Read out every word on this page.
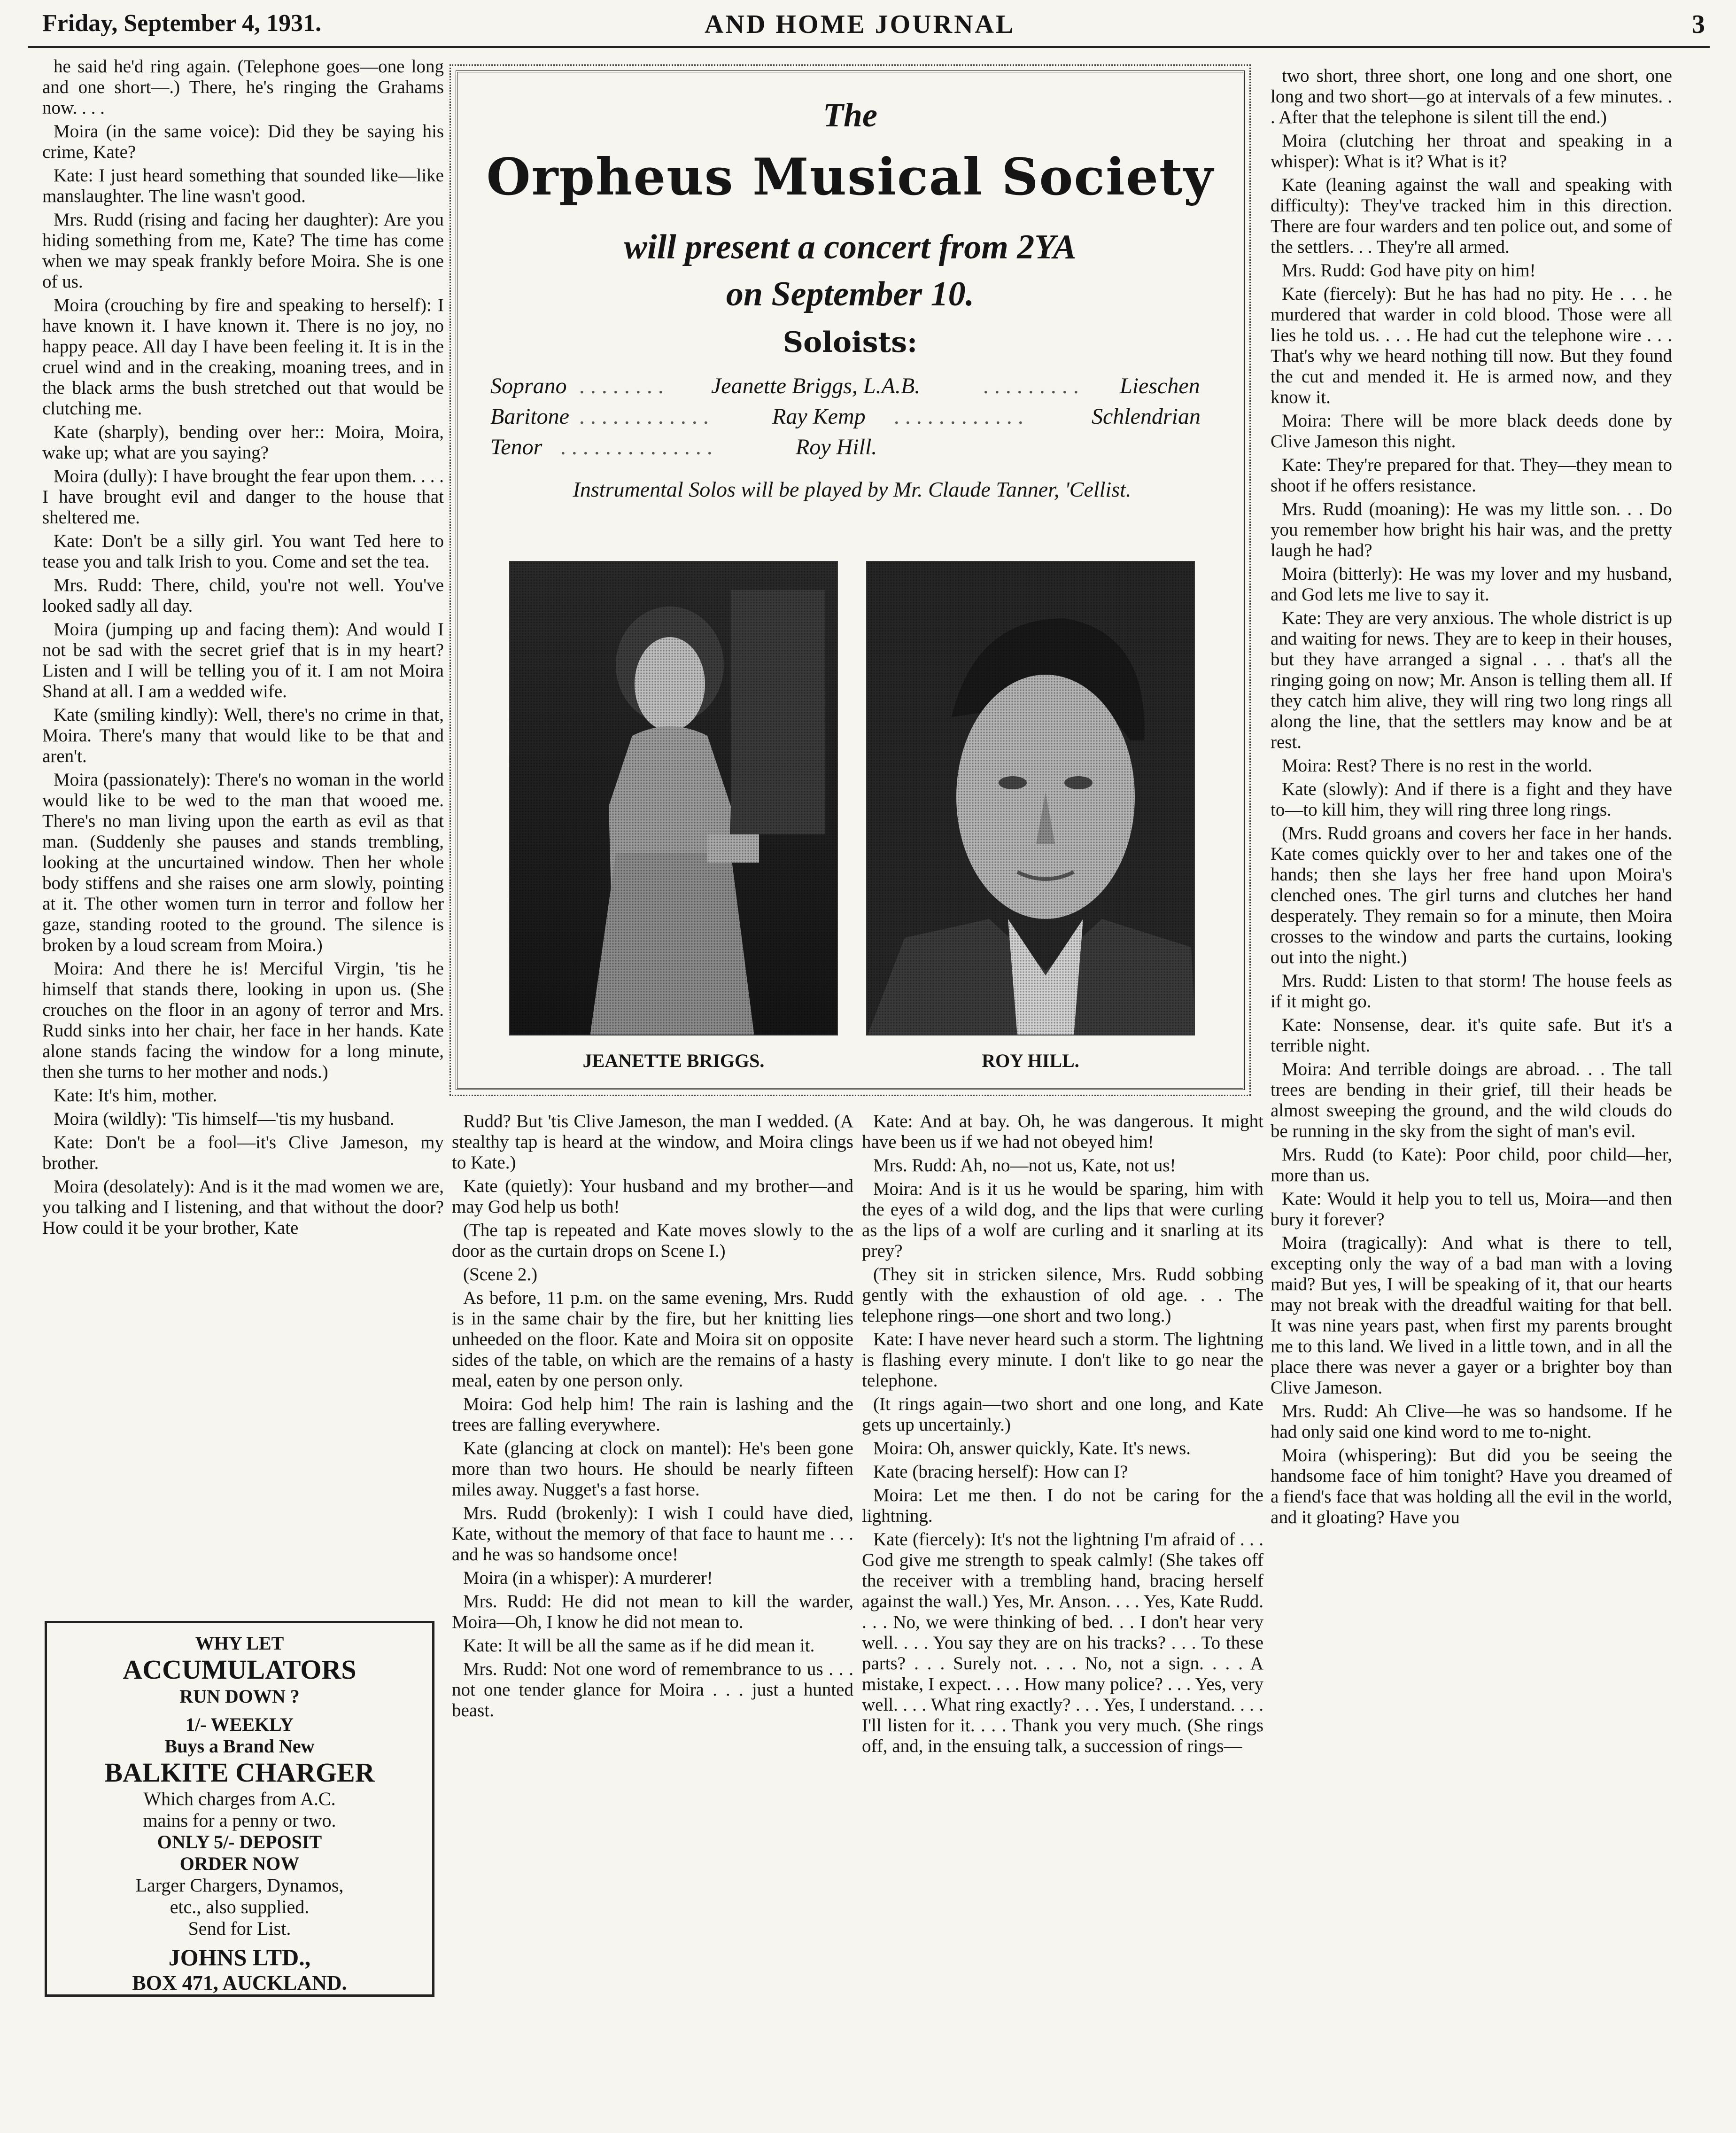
Friday, September 4, 1931.	AND HOME JOURNAL	3

he said he'd ring again. (Telephone goes—one long and one short—.) There, he's ringing the Grahams now. . . .

Moira (in the same voice): Did they be saying his crime, Kate?

Kate: I just heard something that sounded like—like manslaughter. The line wasn't good.

Mrs. Rudd (rising and facing her daughter): Are you hiding something from me, Kate? The time has come when we may speak frankly before Moira. She is one of us.

Moira (crouching by fire and speaking to herself): I have known it. I have known it. There is no joy, no happy peace. All day I have been feeling it. It is in the cruel wind and in the creaking, moaning trees, and in the black arms the bush stretched out that would be clutching me.

Kate (sharply), bending over her:: Moira, Moira, wake up; what are you saying?

Moira (dully): I have brought the fear upon them. . . . I have brought evil and danger to the house that sheltered me.

Kate: Don't be a silly girl. You want Ted here to tease you and talk Irish to you. Come and set the tea.

Mrs. Rudd: There, child, you're not well. You've looked sadly all day.

Moira (jumping up and facing them): And would I not be sad with the secret grief that is in my heart? Listen and I will be telling you of it. I am not Moira Shand at all. I am a wedded wife.

Kate (smiling kindly): Well, there's no crime in that, Moira. There's many that would like to be that and aren't.

Moira (passionately): There's no woman in the world would like to be wed to the man that wooed me. There's no man living upon the earth as evil as that man. (Suddenly she pauses and stands trembling, looking at the uncurtained window. Then her whole body stiffens and she raises one arm slowly, pointing at it. The other women turn in terror and follow her gaze, standing rooted to the ground. The silence is broken by a loud scream from Moira.)

Moira: And there he is! Merciful Virgin, 'tis he himself that stands there, looking in upon us. (She crouches on the floor in an agony of terror and Mrs. Rudd sinks into her chair, her face in her hands. Kate alone stands facing the window for a long minute, then she turns to her mother and nods.)

Kate: It's him, mother.

Moira (wildly): 'Tis himself—'tis my husband.

Kate: Don't be a fool—it's Clive Jameson, my brother.

Moira (desolately): And is it the mad women we are, you talking and I listening, and that without the door? How could it be your brother, Kate

The
Orpheus Musical Society
will present a concert from 2YA
on September 10.
Soloists:
Soprano . . . . . . . . Jeanette Briggs, L.A.B.	. . . . . . . . . Lieschen
Baritone . . . . . . . . . . . .	Ray Kemp . . . . . . . . . . . .	Schlendrian
Tenor . . . . . . . . . . . . . .	Roy Hill.
Instrumental Solos will be played by Mr. Claude Tanner, 'Cellist.
JEANETTE BRIGGS.	ROY HILL.

Rudd? But 'tis Clive Jameson, the man I wedded. (A stealthy tap is heard at the window, and Moira clings to Kate.)

Kate (quietly): Your husband and my brother—and may God help us both!

(The tap is repeated and Kate moves slowly to the door as the curtain drops on Scene I.)

(Scene 2.)

As before, 11 p.m. on the same evening, Mrs. Rudd is in the same chair by the fire, but her knitting lies unheeded on the floor. Kate and Moira sit on opposite sides of the table, on which are the remains of a hasty meal, eaten by one person only.

Moira: God help him! The rain is lashing and the trees are falling everywhere.

Kate (glancing at clock on mantel): He's been gone more than two hours. He should be nearly fifteen miles away. Nugget's a fast horse.

Mrs. Rudd (brokenly): I wish I could have died, Kate, without the memory of that face to haunt me . . . and he was so handsome once!

Moira (in a whisper): A murderer!

Mrs. Rudd: He did not mean to kill the warder, Moira—Oh, I know he did not mean to.

Kate: It will be all the same as if he did mean it.

Mrs. Rudd: Not one word of remembrance to us . . . not one tender glance for Moira . . . just a hunted beast.

Kate: And at bay. Oh, he was dangerous. It might have been us if we had not obeyed him!

Mrs. Rudd: Ah, no—not us, Kate, not us!

Moira: And is it us he would be sparing, him with the eyes of a wild dog, and the lips that were curling as the lips of a wolf are curling and it snarling at its prey?

(They sit in stricken silence, Mrs. Rudd sobbing gently with the exhaustion of old age. . . The telephone rings—one short and two long.)

Kate: I have never heard such a storm. The lightning is flashing every minute. I don't like to go near the telephone.

(It rings again—two short and one long, and Kate gets up uncertainly.)

Moira: Oh, answer quickly, Kate. It's news.

Kate (bracing herself): How can I?

Moira: Let me then. I do not be caring for the lightning.

Kate (fiercely): It's not the lightning I'm afraid of . . . God give me strength to speak calmly! (She takes off the receiver with a trembling hand, bracing herself against the wall.) Yes, Mr. Anson. . . . Yes, Kate Rudd. . . . No, we were thinking of bed. . . I don't hear very well. . . . You say they are on his tracks? . . . To these parts? . . . Surely not. . . . No, not a sign. . . . A mistake, I expect. . . . How many police? . . . Yes, very well. . . . What ring exactly? . . . Yes, I understand. . . . I'll listen for it. . . . Thank you very much. (She rings off, and, in the ensuing talk, a succession of rings—

two short, three short, one long and one short, one long and two short—go at intervals of a few minutes. . . After that the telephone is silent till the end.)

Moira (clutching her throat and speaking in a whisper): What is it? What is it?

Kate (leaning against the wall and speaking with difficulty): They've tracked him in this direction. There are four warders and ten police out, and some of the settlers. . . They're all armed.

Mrs. Rudd: God have pity on him!

Kate (fiercely): But he has had no pity. He . . . he murdered that warder in cold blood. Those were all lies he told us. . . . He had cut the telephone wire . . . That's why we heard nothing till now. But they found the cut and mended it. He is armed now, and they know it.

Moira: There will be more black deeds done by Clive Jameson this night.

Kate: They're prepared for that. They—they mean to shoot if he offers resistance.

Mrs. Rudd (moaning): He was my little son. . . Do you remember how bright his hair was, and the pretty laugh he had?

Moira (bitterly): He was my lover and my husband, and God lets me live to say it.

Kate: They are very anxious. The whole district is up and waiting for news. They are to keep in their houses, but they have arranged a signal . . . that's all the ringing going on now; Mr. Anson is telling them all. If they catch him alive, they will ring two long rings all along the line, that the settlers may know and be at rest.

Moira: Rest? There is no rest in the world.

Kate (slowly): And if there is a fight and they have to—to kill him, they will ring three long rings.

(Mrs. Rudd groans and covers her face in her hands. Kate comes quickly over to her and takes one of the hands; then she lays her free hand upon Moira's clenched ones. The girl turns and clutches her hand desperately. They remain so for a minute, then Moira crosses to the window and parts the curtains, looking out into the night.)

Mrs. Rudd: Listen to that storm! The house feels as if it might go.

Kate: Nonsense, dear. it's quite safe. But it's a terrible night.

Moira: And terrible doings are abroad. . . The tall trees are bending in their grief, till their heads be almost sweeping the ground, and the wild clouds do be running in the sky from the sight of man's evil.

Mrs. Rudd (to Kate): Poor child, poor child—her, more than us.

Kate: Would it help you to tell us, Moira—and then bury it forever?

Moira (tragically): And what is there to tell, excepting only the way of a bad man with a loving maid? But yes, I will be speaking of it, that our hearts may not break with the dreadful waiting for that bell. It was nine years past, when first my parents brought me to this land. We lived in a little town, and in all the place there was never a gayer or a brighter boy than Clive Jameson.

Mrs. Rudd: Ah Clive—he was so handsome. If he had only said one kind word to me to-night.

Moira (whispering): But did you be seeing the handsome face of him tonight? Have you dreamed of a fiend's face that was holding all the evil in the world, and it gloating? Have you

WHY LET
ACCUMULATORS
RUN DOWN ?
1/- WEEKLY
Buys a Brand New
BALKITE CHARGER
Which charges from A.C.
mains for a penny or two.
ONLY 5/- DEPOSIT
ORDER NOW
Larger Chargers, Dynamos,
etc., also supplied.
Send for List.
JOHNS LTD.,
BOX 471, AUCKLAND.
